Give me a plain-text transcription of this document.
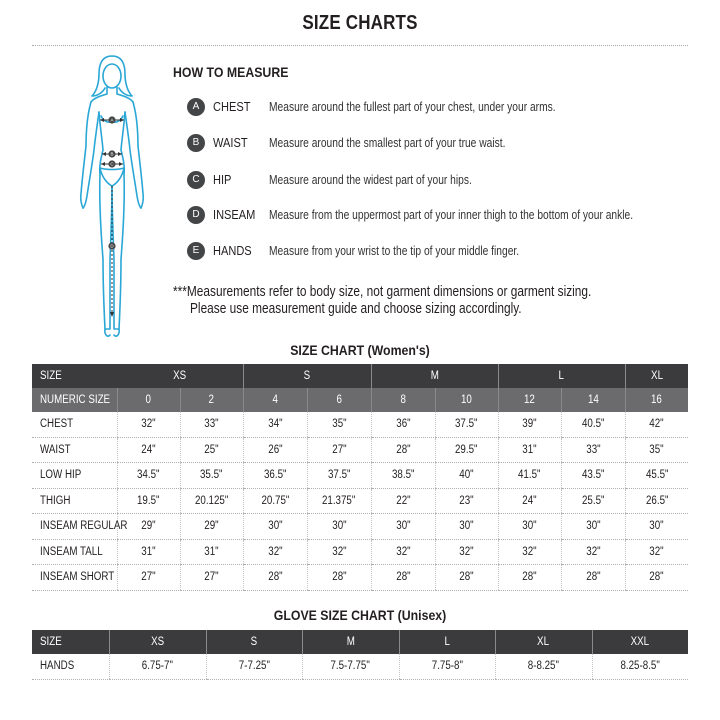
SIZE CHARTS
A
B
C
D
HOW TO MEASURE
A	CHEST Measure around the fullest part of your chest, under your arms.
B	WAIST Measure around the smallest part of your true waist.
C	HIP	Measure around the widest part of your hips.
D	INSEAM Measure from the uppermost part of your inner thigh to the bottom of your ankle.
E	HANDS Measure from your wrist to the tip of your middle finger.
***Measurements refer to body size, not garment dimensions or garment sizing.
Please use measurement guide and choose sizing accordingly.
SIZE CHART (Women's)
SIZE	XS		S		M		L		XL
NUMERIC SIZE	0	2	4	6	8	10	12	14	16
CHEST	32"	33"	34"	35"	36"	37.5"	39"	40.5"	42"
WAIST	24"	25"	26"	27"	28"	29.5"	31"	33"	35"
LOW HIP	34.5"	35.5"	36.5"	37.5"	38.5"	40"	41.5"	43.5"	45.5"
THIGH	19.5"	20.125"	20.75"	21.375"	22"	23"	24"	25.5"	26.5"
INSEAM REGULAR	29"	29"	30"	30"	30"	30"	30"	30"	30"
INSEAM TALL	31"	31"	32"	32"	32"	32"	32"	32"	32"
INSEAM SHORT	27"	27"	28"	28"	28"	28"	28"	28"	28"
GLOVE SIZE CHART (Unisex)
SIZE	XS	S	M	L	XL	XXL
HANDS	6.75-7"	7-7.25"	7.5-7.75"	7.75-8"	8-8.25"	8.25-8.5"
